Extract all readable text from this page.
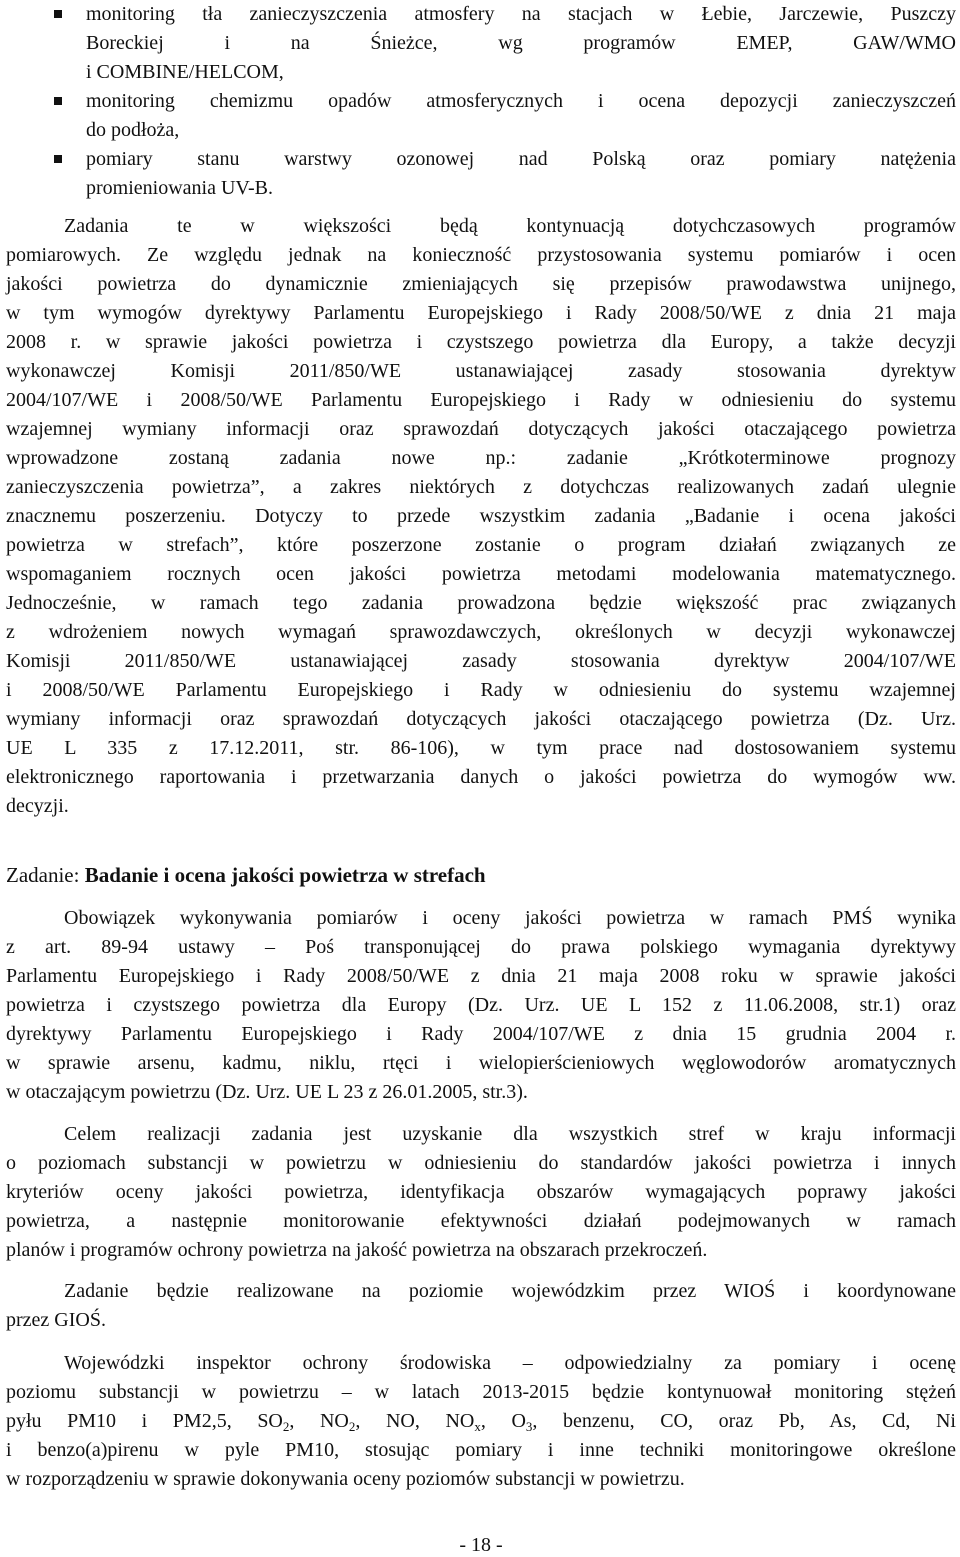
monitoring tła zanieczyszczenia atmosfery na stacjach w Łebie, Jarczewie, Puszczy
Boreckiej i na Śnieżce, wg programów EMEP, GAW/WMO
i COMBINE/HELCOM,
monitoring chemizmu opadów atmosferycznych i ocena depozycji zanieczyszczeń
do podłoża,
pomiary stanu warstwy ozonowej nad Polską oraz pomiary natężenia
promieniowania UV-B.
Zadania te w większości będą kontynuacją dotychczasowych programów
pomiarowych. Ze względu jednak na konieczność przystosowania systemu pomiarów i ocen
jakości powietrza do dynamicznie zmieniających się przepisów prawodawstwa unijnego,
w tym wymogów dyrektywy Parlamentu Europejskiego i Rady 2008/50/WE z dnia 21 maja
2008 r. w sprawie jakości powietrza i czystszego powietrza dla Europy, a także decyzji
wykonawczej Komisji 2011/850/WE ustanawiającej zasady stosowania dyrektyw
2004/107/WE i 2008/50/WE Parlamentu Europejskiego i Rady w odniesieniu do systemu
wzajemnej wymiany informacji oraz sprawozdań dotyczących jakości otaczającego powietrza
wprowadzone zostaną zadania nowe np.: zadanie „Krótkoterminowe prognozy
zanieczyszczenia powietrza”, a zakres niektórych z dotychczas realizowanych zadań ulegnie
znacznemu poszerzeniu. Dotyczy to przede wszystkim zadania „Badanie i ocena jakości
powietrza w strefach”, które poszerzone zostanie o program działań związanych ze
wspomaganiem rocznych ocen jakości powietrza metodami modelowania matematycznego.
Jednocześnie, w ramach tego zadania prowadzona będzie większość prac związanych
z wdrożeniem nowych wymagań sprawozdawczych, określonych w decyzji wykonawczej
Komisji 2011/850/WE ustanawiającej zasady stosowania dyrektyw 2004/107/WE
i 2008/50/WE Parlamentu Europejskiego i Rady w odniesieniu do systemu wzajemnej
wymiany informacji oraz sprawozdań dotyczących jakości otaczającego powietrza (Dz. Urz.
UE L 335 z 17.12.2011, str. 86-106), w tym prace nad dostosowaniem systemu
elektronicznego raportowania i przetwarzania danych o jakości powietrza do wymogów ww.
decyzji.
Zadanie: Badanie i ocena jakości powietrza w strefach
Obowiązek wykonywania pomiarów i oceny jakości powietrza w ramach PMŚ wynika
z art. 89-94 ustawy – Poś transponującej do prawa polskiego wymagania dyrektywy
Parlamentu Europejskiego i Rady 2008/50/WE z dnia 21 maja 2008 roku w sprawie jakości
powietrza i czystszego powietrza dla Europy (Dz. Urz. UE L 152 z 11.06.2008, str.1) oraz
dyrektywy Parlamentu Europejskiego i Rady 2004/107/WE z dnia 15 grudnia 2004 r.
w sprawie arsenu, kadmu, niklu, rtęci i wielopierścieniowych węglowodorów aromatycznych
w otaczającym powietrzu (Dz. Urz. UE L 23 z 26.01.2005, str.3).
Celem realizacji zadania jest uzyskanie dla wszystkich stref w kraju informacji
o poziomach substancji w powietrzu w odniesieniu do standardów jakości powietrza i innych
kryteriów oceny jakości powietrza, identyfikacja obszarów wymagających poprawy jakości
powietrza, a następnie monitorowanie efektywności działań podejmowanych w ramach
planów i programów ochrony powietrza na jakość powietrza na obszarach przekroczeń.
Zadanie będzie realizowane na poziomie wojewódzkim przez WIOŚ i koordynowane
przez GIOŚ.
Wojewódzki inspektor ochrony środowiska – odpowiedzialny za pomiary i ocenę
poziomu substancji w powietrzu – w latach 2013-2015 będzie kontynuował monitoring stężeń
pyłu PM10 i PM2,5, $SO_2$, $NO_2$, NO, $NO_x$, $O_3$, benzenu, CO, oraz Pb, As, Cd, Ni
i benzo(a)pirenu w pyle PM10, stosując pomiary i inne techniki monitoringowe określone
w rozporządzeniu w sprawie dokonywania oceny poziomów substancji w powietrzu.
- 18 -
